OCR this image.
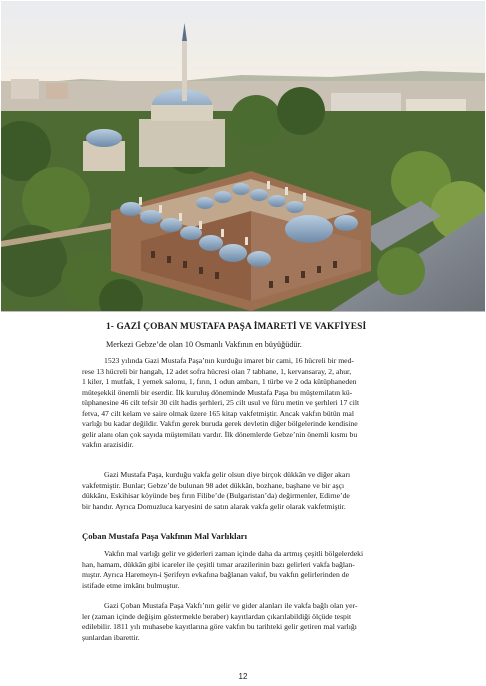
1- GAZİ ÇOBAN MUSTAFA PAŞA İMARETİ VE VAKFİYESİ
Merkezi Gebze’de olan 10 Osmanlı Vakfının en büyüğüdür.

1523 yılında Gazi Mustafa Paşa’nın kurduğu imaret bir cami, 16 hücreli bir med-
rese 13 hücreli bir hangah, 12 adet sofra hücresi olan 7 tabhane, 1, kervansaray, 2, ahur,
1 kiler, 1 mutfak, 1 yemek salonu, 1, fırın, 1 odun ambarı, 1 türbe ve 2 oda kütüphaneden
müteşekkil önemli bir eserdir. İlk kuruluş döneminde Mustafa Paşa bu müştemilatın kü-
tüphanesine 46 cilt tefsir 30 cilt hadis şerhleri, 25 cilt usul ve füru metin ve şerhleri 17 cilt
fetva, 47 cilt kelam ve saire olmak üzere 165 kitap vakfetmiştir. Ancak vakfın bütün mal
varlığı bu kadar değildir. Vakfın gerek buruda gerek devletin diğer bölgelerinde kendisine
gelir alanı olan çok sayıda müştemilatı vardır. İlk dönemlerde Gebze’nin önemli kısmı bu
vakfın arazisidir.

Gazi Mustafa Paşa, kurduğu vakfa gelir olsun diye birçok dükkân ve diğer akarı
vakfetmiştir. Bunlar; Gebze’de bulunan 98 adet dükkân, bozhane, başhane ve bir aşçı
dükkânı, Eskihisar köyünde beş fırın Filibe’de (Bulgaristan’da) değirmenler, Edirne’de
bir handır. Ayrıca Domuzluca karyesini de satın alarak vakfa gelir olarak vakfetmiştir.

Çoban Mustafa Paşa Vakfının Mal Varlıkları

Vakfın mal varlığı gelir ve giderleri zaman içinde daha da artmış çeşitli bölgelerdeki
han, hamam, dükkân gibi icareler ile çeşitli tımar arazilerinin bazı gelirleri vakfa bağlan-
mıştır. Ayrıca Haremeyn-i Şerifeyn evkafına bağlanan vakıf, bu vakfın gelirlerinden de
istifade etme imkânı bulmuştur.

Gazi Çoban Mustafa Paşa Vakfı’nın gelir ve gider alanları ile vakfa bağlı olan yer-
ler (zaman içinde değişim göstermekle beraber) kayıtlardan çıkarılabildiği ölçüde tespit
edilebilir. 1811 yılı muhasebe kayıtlarına göre vakfın bu tarihteki gelir getiren mal varlığı
şunlardan ibarettir.

12
